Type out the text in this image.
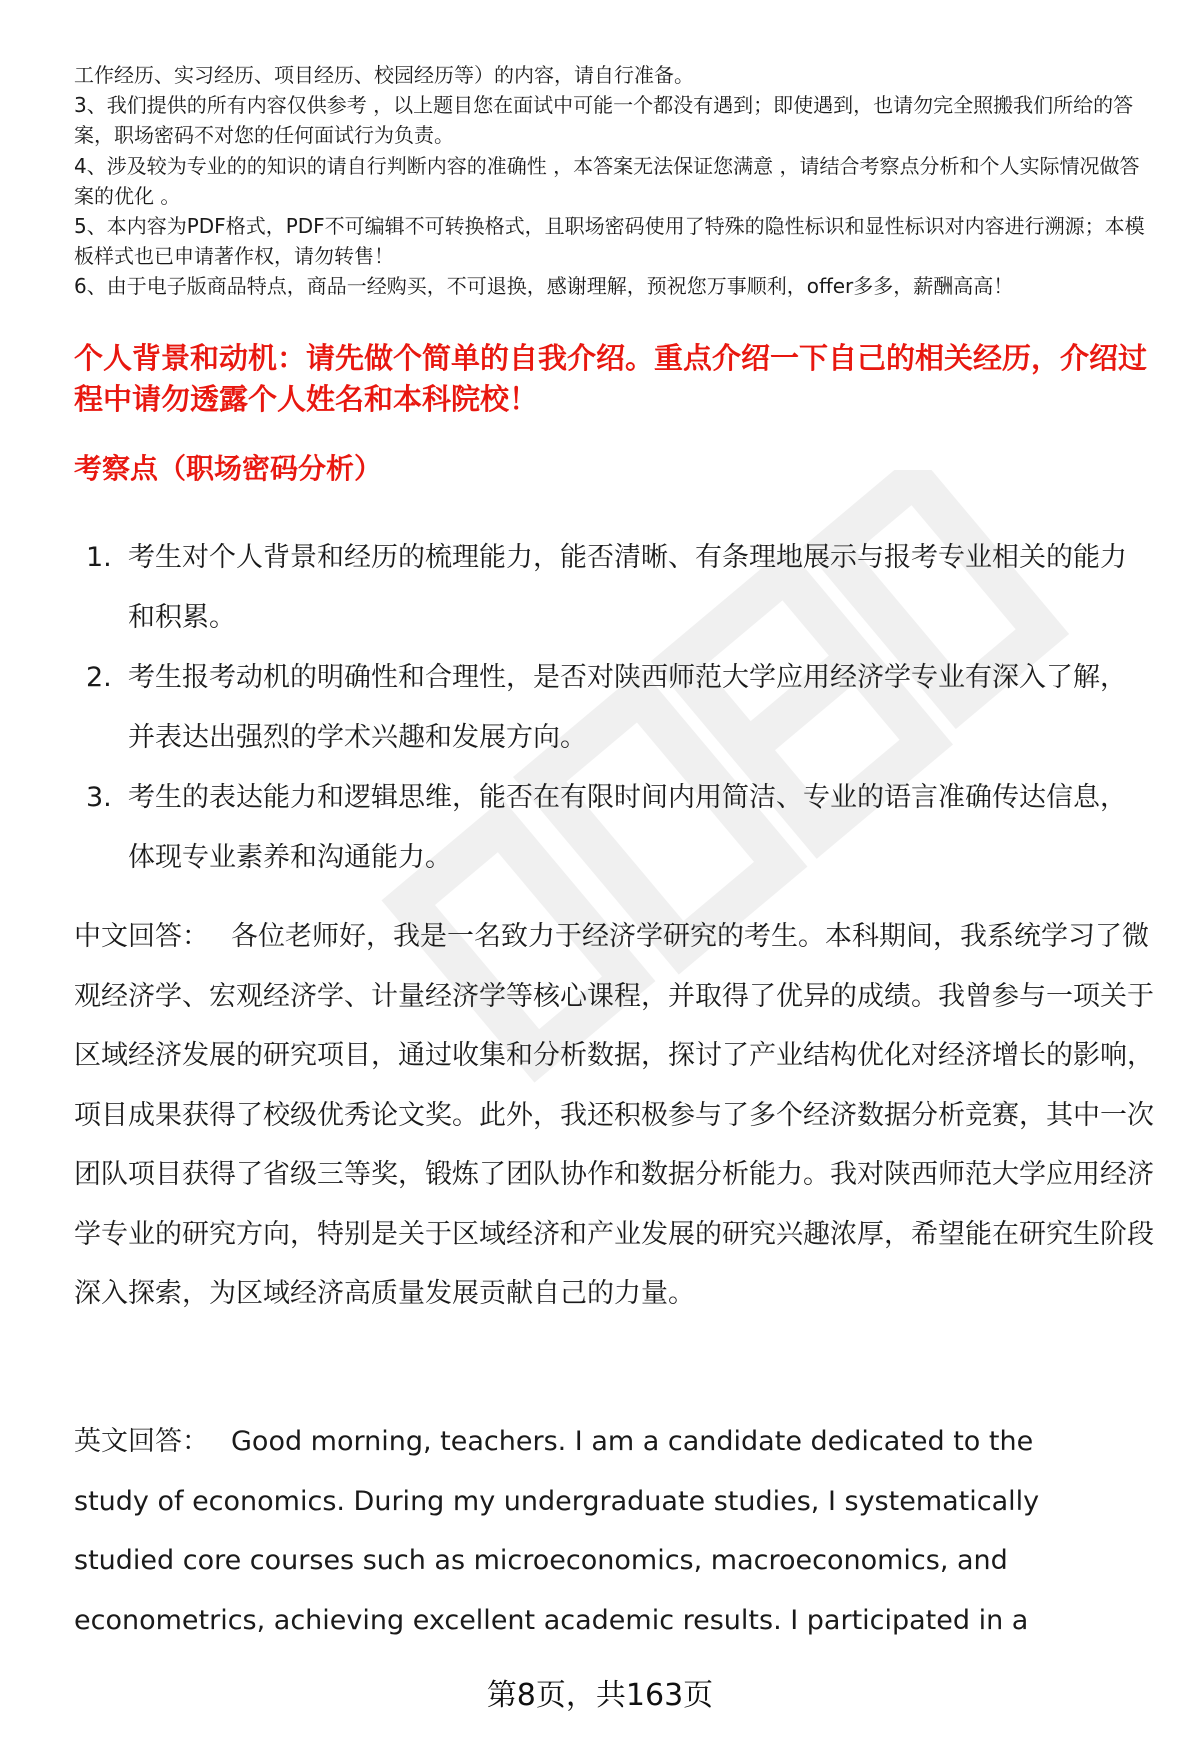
工作经历、实习经历、项目经历、校园经历等）的内容，请自行准备。

3、我们提供的所有内容仅供参考 ，以上题目您在面试中可能一个都没有遇到；即使遇到，也请勿完全照搬我们所给的答案，职场密码不对您的任何面试行为负责。

4、涉及较为专业的的知识的请自行判断内容的准确性 ，本答案无法保证您满意 ，请结合考察点分析和个人实际情况做答案的优化 。

5、本内容为PDF格式，PDF不可编辑不可转换格式，且职场密码使用了特殊的隐性标识和显性标识对内容进行溯源；本模板样式也已申请著作权，请勿转售！

6、由于电子版商品特点，商品一经购买，不可退换，感谢理解，预祝您万事顺利，offer多多，薪酬高高！

个人背景和动机：请先做个简单的自我介绍。重点介绍一下自己的相关经历，介绍过程中请勿透露个人姓名和本科院校！

考察点（职场密码分析）

1. 考生对个人背景和经历的梳理能力，能否清晰、有条理地展示与报考专业相关的能力和积累。
2. 考生报考动机的明确性和合理性，是否对陕西师范大学应用经济学专业有深入了解，并表达出强烈的学术兴趣和发展方向。
3. 考生的表达能力和逻辑思维，能否在有限时间内用简洁、专业的语言准确传达信息，体现专业素养和沟通能力。

中文回答： 各位老师好，我是一名致力于经济学研究的考生。本科期间，我系统学习了微观经济学、宏观经济学、计量经济学等核心课程，并取得了优异的成绩。我曾参与一项关于区域经济发展的研究项目，通过收集和分析数据，探讨了产业结构优化对经济增长的影响，项目成果获得了校级优秀论文奖。此外，我还积极参与了多个经济数据分析竞赛，其中一次团队项目获得了省级三等奖，锻炼了团队协作和数据分析能力。我对陕西师范大学应用经济学专业的研究方向，特别是关于区域经济和产业发展的研究兴趣浓厚，希望能在研究生阶段深入探索，为区域经济高质量发展贡献自己的力量。

英文回答： Good morning, teachers. I am a candidate dedicated to the study of economics. During my undergraduate studies, I systematically studied core courses such as microeconomics, macroeconomics, and econometrics, achieving excellent academic results. I participated in a

第8页，共163页
